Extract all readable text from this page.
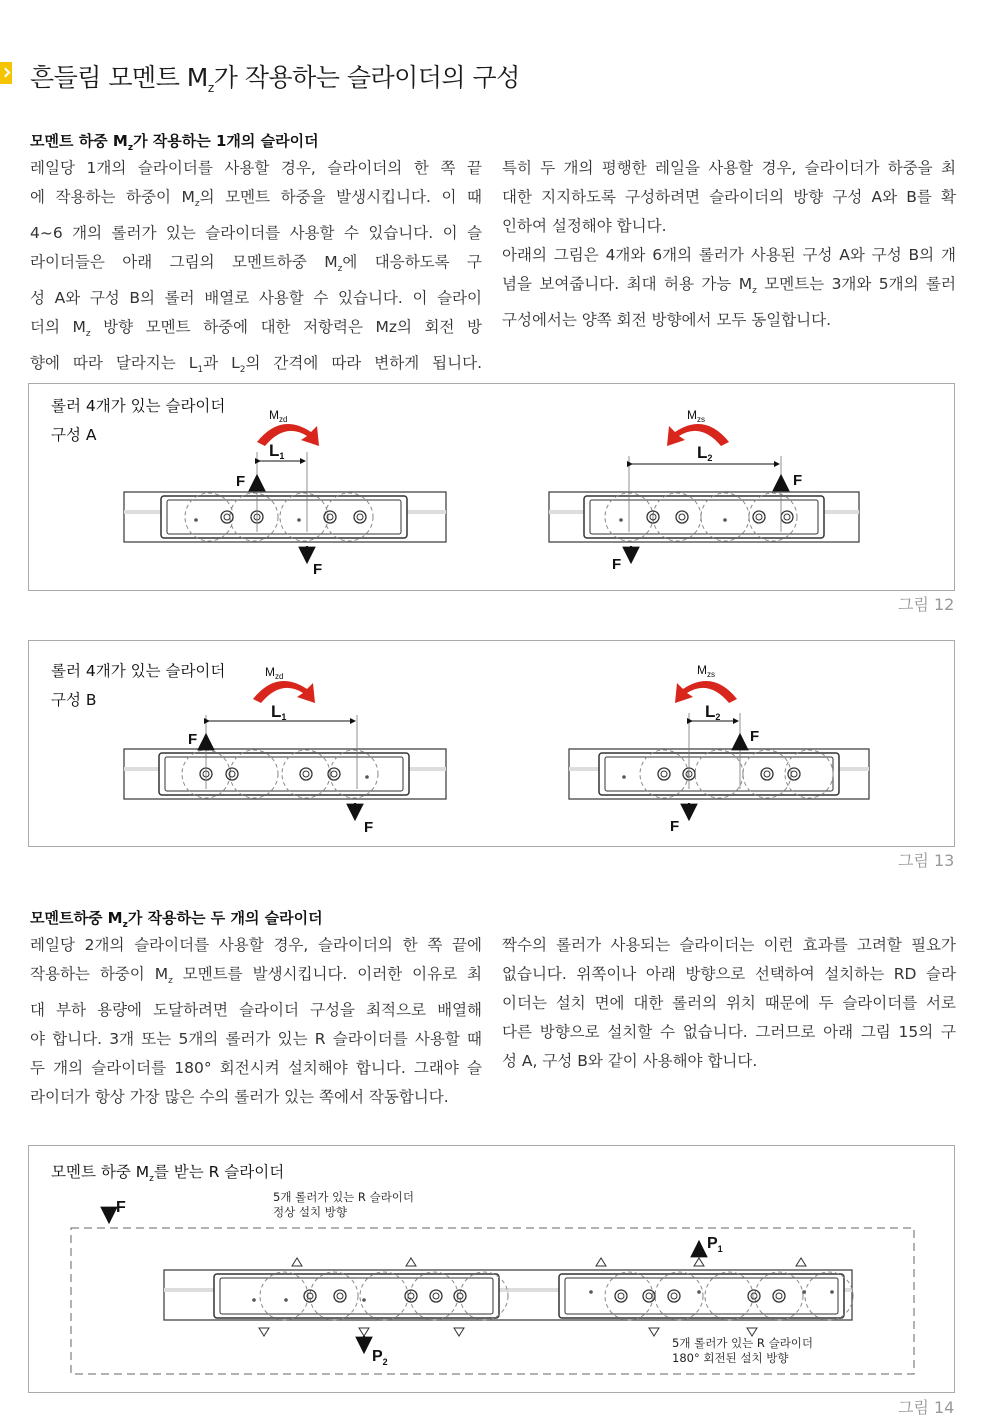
흔들림 모멘트 $M_z$가 작용하는 슬라이더의 구성
모멘트 하중 $M_z$가 작용하는 1개의 슬라이더
레일당 1개의 슬라이더를 사용할 경우, 슬라이더의 한 쪽 끝
에 작용하는 하중이 $M_z$의 모멘트 하중을 발생시킵니다. 이 때
4~6 개의 롤러가 있는 슬라이더를 사용할 수 있습니다. 이 슬
라이더들은 아래 그림의 모멘트하중 $M_z$에 대응하도록 구
성 A와 구성 B의 롤러 배열로 사용할 수 있습니다. 이 슬라이
더의 $M_z$ 방향 모멘트 하중에 대한 저항력은 Mz의 회전 방
향에 따라 달라지는 $L_1$과 $L_2$의 간격에 따라 변하게 됩니다.
특히 두 개의 평행한 레일을 사용할 경우, 슬라이더가 하중을 최
대한 지지하도록 구성하려면 슬라이더의 방향 구성 A와 B를 확
인하여 설정해야 합니다.
아래의 그림은 4개와 6개의 롤러가 사용된 구성 A와 구성 B의 개
념을 보여줍니다. 최대 허용 가능 $M_z$ 모멘트는 3개와 5개의 롤러
구성에서는 양쪽 회전 방향에서 모두 동일합니다.
롤러 4개가 있는 슬라이더
구성 A
$M_{zd}$
L1
F
F
$M_{zs}$
L2
F
F
그림 12
롤러 4개가 있는 슬라이더
구성 B
$M_{zd}$
L1
F
F
$M_{zs}$
L2
F
F
그림 13
모멘트하중 $M_z$가 작용하는 두 개의 슬라이더
레일당 2개의 슬라이더를 사용할 경우, 슬라이더의 한 쪽 끝에
작용하는 하중이 $M_z$ 모멘트를 발생시킵니다. 이러한 이유로 최
대 부하 용량에 도달하려면 슬라이더 구성을 최적으로 배열해
야 합니다. 3개 또는 5개의 롤러가 있는 R 슬라이더를 사용할 때
두 개의 슬라이더를 180° 회전시켜 설치해야 합니다. 그래야 슬
라이더가 항상 가장 많은 수의 롤러가 있는 쪽에서 작동합니다.
짝수의 롤러가 사용되는 슬라이더는 이런 효과를 고려할 필요가
없습니다. 위쪽이나 아래 방향으로 선택하여 설치하는 RD 슬라
이더는 설치 면에 대한 롤러의 위치 때문에 두 슬라이더를 서로
다른 방향으로 설치할 수 없습니다. 그러므로 아래 그림 15의 구
성 A, 구성 B와 같이 사용해야 합니다.
모멘트 하중 $M_z$를 받는 R 슬라이더
5개 롤러가 있는 R 슬라이더
정상 설치 방향
5개 롤러가 있는 R 슬라이더
180° 회전된 설치 방향
F
$P_1$
$P_2$
그림 14
